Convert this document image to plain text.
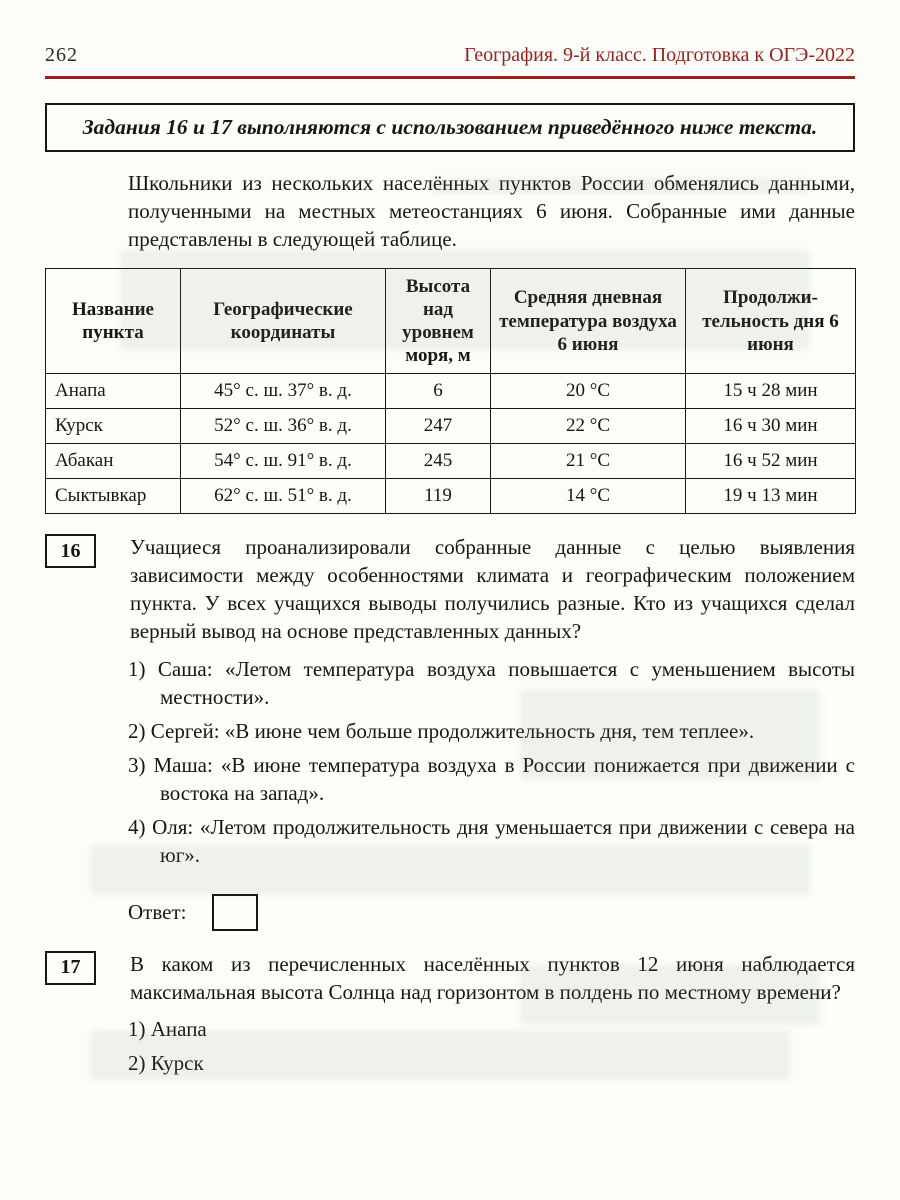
262	География. 9-й класс. Подготовка к ОГЭ-2022
Задания 16 и 17 выполняются с использованием приведённого ниже текста.

Школьники из нескольких населённых пунктов России обменялись данными, полученными на местных метеостанциях 6 июня. Собранные ими данные представлены в следующей таблице.

Название пункта	Географические координаты	Высота над уровнем моря, м	Средняя дневная температура воздуха 6 июня	Продолжи-тельность дня 6 июня
Анапа	45° с. ш. 37° в. д.	6	20 °C	15 ч 28 мин
Курск	52° с. ш. 36° в. д.	247	22 °C	16 ч 30 мин
Абакан	54° с. ш. 91° в. д.	245	21 °C	16 ч 52 мин
Сыктывкар	62° с. ш. 51° в. д.	119	14 °C	19 ч 13 мин
16	Учащиеся проанализировали собранные данные с целью выявления зависимости между особенностями климата и географическим положением пункта. У всех учащихся выводы получились разные. Кто из учащихся сделал верный вывод на основе представленных данных?

1) Саша: «Летом температура воздуха повышается с уменьшением высоты местности».

2) Сергей: «В июне чем больше продолжительность дня, тем теплее».

3) Маша: «В июне температура воздуха в России понижается при движении с востока на запад».

4) Оля: «Летом продолжительность дня уменьшается при движении с севера на юг».

Ответ:
17	В каком из перечисленных населённых пунктов 12 июня наблюдается максимальная высота Солнца над горизонтом в полдень по местному времени?

1) Анапа

2) Курск
